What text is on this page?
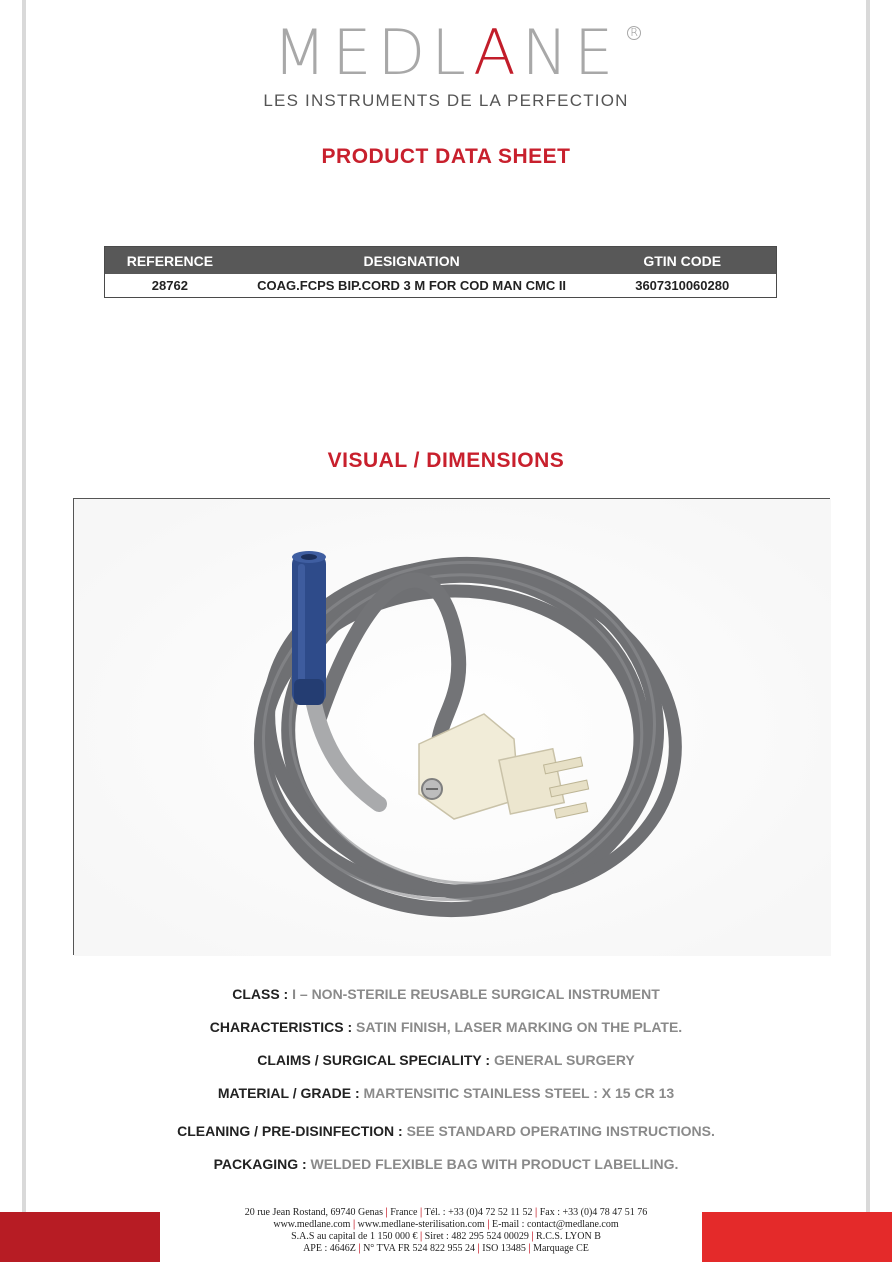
MEDLANE R
LES INSTRUMENTS DE LA PERFECTION
PRODUCT DATA SHEET
REFERENCE	DESIGNATION	GTIN CODE
28762	COAG.FCPS BIP.CORD 3 M FOR COD MAN CMC II	3607310060280
VISUAL / DIMENSIONS
CLASS : I – NON-STERILE REUSABLE SURGICAL INSTRUMENT
CHARACTERISTICS : SATIN FINISH, LASER MARKING ON THE PLATE.
CLAIMS / SURGICAL SPECIALITY : GENERAL SURGERY
MATERIAL / GRADE : MARTENSITIC STAINLESS STEEL : X 15 CR 13
CLEANING / PRE-DISINFECTION : SEE STANDARD OPERATING INSTRUCTIONS.
PACKAGING : WELDED FLEXIBLE BAG WITH PRODUCT LABELLING.
20 rue Jean Rostand, 69740 Genas | France | Tél. : +33 (0)4 72 52 11 52 | Fax : +33 (0)4 78 47 51 76
www.medlane.com | www.medlane-sterilisation.com | E-mail : contact@medlane.com
S.A.S au capital de 1 150 000 € | Siret : 482 295 524 00029 | R.C.S. LYON B
APE : 4646Z | N° TVA FR 524 822 955 24 | ISO 13485 | Marquage CE
